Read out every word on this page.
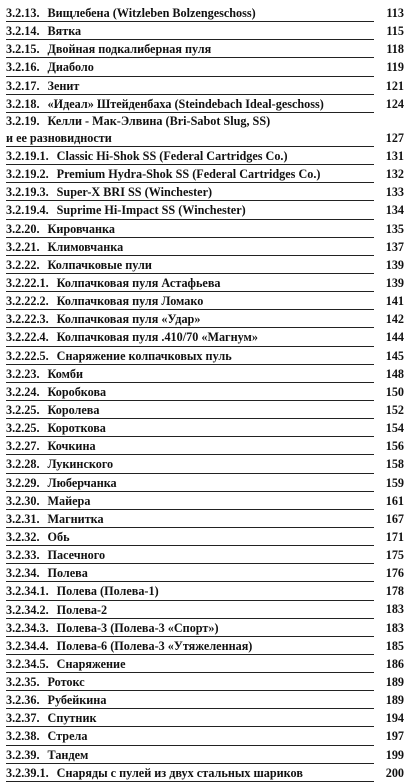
3.2.13. Вищлебена (Witzleben Bolzengeschoss)	113
3.2.14. Вятка	115
3.2.15. Двойная подкалиберная пуля	118
3.2.16. Диаболо	119
3.2.17. Зенит	121
3.2.18. «Идеал» Штейденбаха (Steindebach Ideal-geschoss)	124
3.2.19. Келли - Мак-Элвина (Bri-Sabot Slug, SS)
и ее разновидности	127
3.2.19.1. Classic Hi-Shok SS (Federal Cartridges Co.)	131
3.2.19.2. Premium Hydra-Shok SS (Federal Cartridges Co.)	132
3.2.19.3. Super-X BRI SS (Winchester)	133
3.2.19.4. Suprime Hi-Impact SS (Winchester)	134
3.2.20. Кировчанка	135
3.2.21. Климовчанка	137
3.2.22. Колпачковые пули	139
3.2.22.1. Колпачковая пуля Астафьева	139
3.2.22.2. Колпачковая пуля Ломако	141
3.2.22.3. Колпачковая пуля «Удар»	142
3.2.22.4. Колпачковая пуля .410/70 «Магнум»	144
3.2.22.5. Снаряжение колпачковых пуль	145
3.2.23. Комби	148
3.2.24. Коробкова	150
3.2.25. Королева	152
3.2.25. Короткова	154
3.2.27. Кочкина	156
3.2.28. Лукинского	158
3.2.29. Люберчанка	159
3.2.30. Майера	161
3.2.31. Магнитка	167
3.2.32. Обь	171
3.2.33. Пасечного	175
3.2.34. Полева	176
3.2.34.1. Полева (Полева-1)	178
3.2.34.2. Полева-2	183
3.2.34.3. Полева-3 (Полева-3 «Спорт»)	183
3.2.34.4. Полева-6 (Полева-3 «Утяжеленная)	185
3.2.34.5. Снаряжение	186
3.2.35. Ротокс	189
3.2.36. Рубейкина	189
3.2.37. Спутник	194
3.2.38. Стрела	197
3.2.39. Тандем	199
3.2.39.1. Снаряды с пулей из двух стальных шариков	200
